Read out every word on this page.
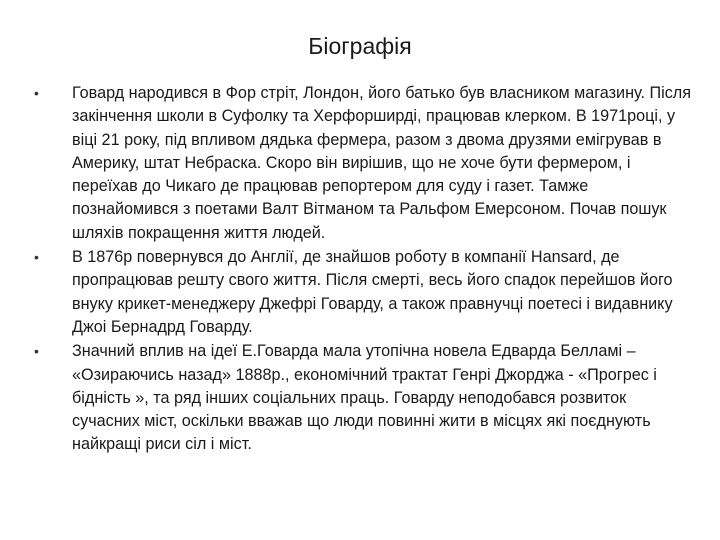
Біографія
•	Говард народився в Фор стріт, Лондон, його батько був власником магазину. Після закінчення школи в Суфолку та Херфорширді, працював клерком. В 1971році, у віці 21 року, під впливом дядька фермера, разом з двома друзями емігрував в Америку, штат Небраска. Скоро він вирішив, що не хоче бути фермером, і переїхав до Чикаго де працював репортером для суду і газет. Тамже познайомився з поетами Валт Вітманом та Ральфом Емерсоном. Почав пошук шляхів покращення життя людей.
•	В 1876р повернувся до Англії, де знайшов роботу в компанії Hansard, де пропрацював решту свого життя. Після смерті, весь його спадок перейшов його внуку крикет-менеджеру Джефрі Говарду, а також правнучці поетесі і видавнику Джоі Бернадрд Говарду.
•	Значний вплив на ідеї Е.Говарда мала утопічна новела Едварда Белламі – «Озираючись назад» 1888р., економічний трактат Генрі Джорджа - «Прогрес і бідність », та ряд інших соціальних праць. Говарду неподобався розвиток сучасних міст, оскільки вважав що люди повинні жити в місцях які поєднують найкращі риси сіл і міст.
